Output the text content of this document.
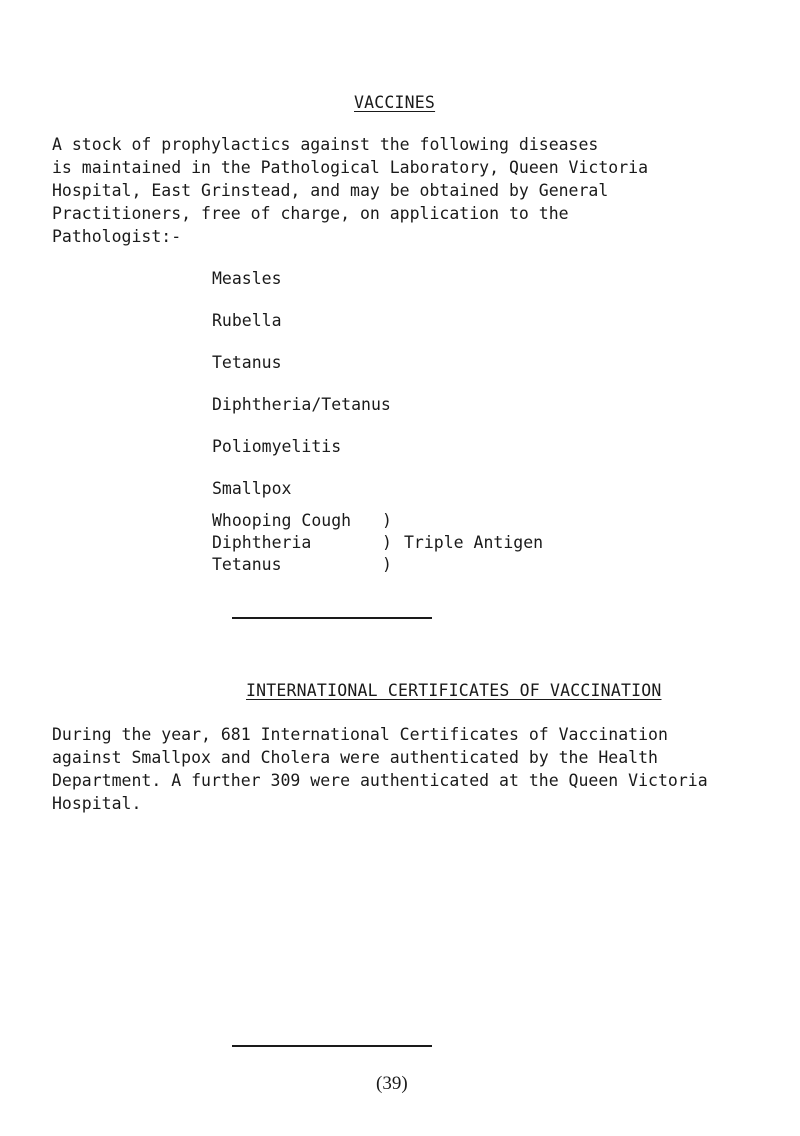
VACCINES
A stock of prophylactics against the following diseases
is maintained in the Pathological Laboratory, Queen Victoria
Hospital, East Grinstead, and may be obtained by General
Practitioners, free of charge, on application to the
Pathologist:-
Measles
Rubella
Tetanus
Diphtheria/Tetanus
Poliomyelitis
Smallpox
Whooping Cough )
Diphtheria	) Triple Antigen
Tetanus	)
INTERNATIONAL CERTIFICATES OF VACCINATION
During the year, 681 International Certificates of Vaccination
against Smallpox and Cholera were authenticated by the Health
Department. A further 309 were authenticated at the Queen Victoria
Hospital.
(39)
